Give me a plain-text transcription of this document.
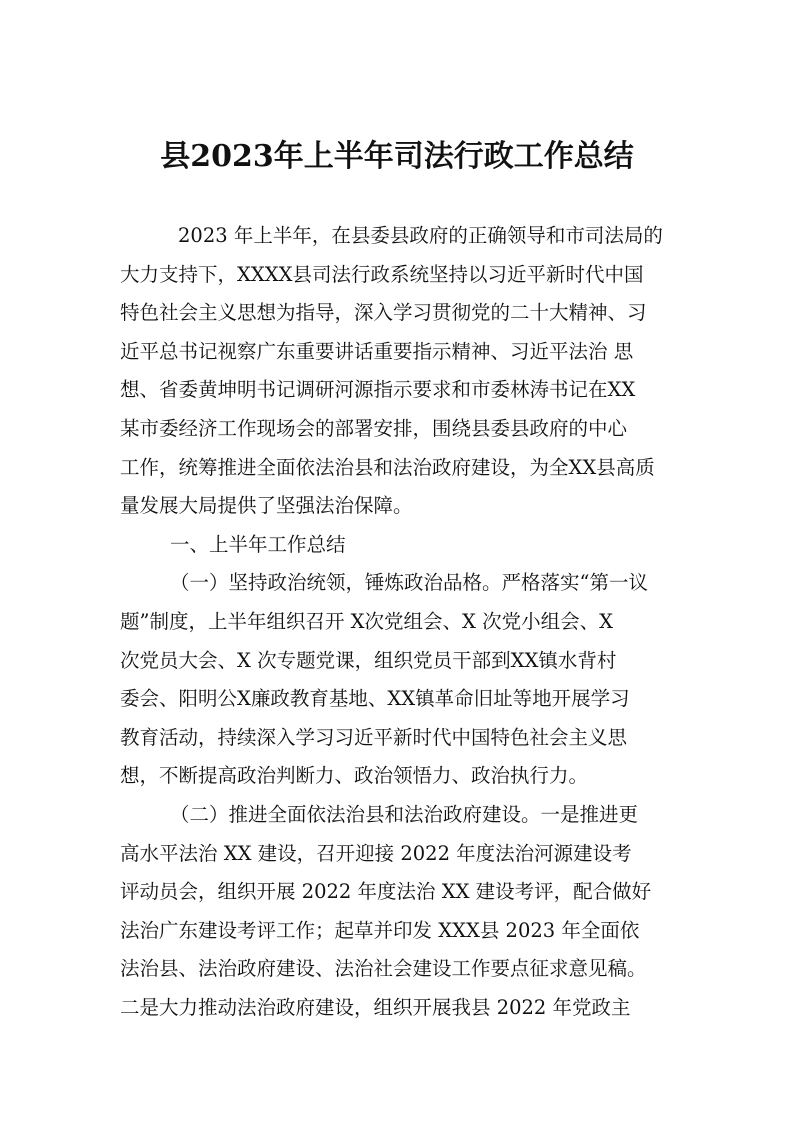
县2023年上半年司法行政工作总结
2023 年上半年，在县委县政府的正确领导和市司法局的
大力支持下，XXXX县司法行政系统坚持以习近平新时代中国
特色社会主义思想为指导，深入学习贯彻党的二十大精神、习
近平总书记视察广东重要讲话重要指示精神、习近平法治 思
想、省委黄坤明书记调研河源指示要求和市委林涛书记在XX
某市委经济工作现场会的部署安排，围绕县委县政府的中心
工作，统筹推进全面依法治县和法治政府建设，为全XX县高质
量发展大局提供了坚强法治保障。
一、上半年工作总结
（一）坚持政治统领，锤炼政治品格。严格落实“第一议
题”制度，上半年组织召开 X次党组会、X 次党小组会、X
次党员大会、X 次专题党课，组织党员干部到XX镇水背村
委会、阳明公X廉政教育基地、XX镇革命旧址等地开展学习
教育活动，持续深入学习习近平新时代中国特色社会主义思
想，不断提高政治判断力、政治领悟力、政治执行力。
（二）推进全面依法治县和法治政府建设。一是推进更
高水平法治 XX 建设，召开迎接 2022 年度法治河源建设考
评动员会，组织开展 2022 年度法治 XX 建设考评，配合做好
法治广东建设考评工作；起草并印发 XXX县 2023 年全面依
法治县、法治政府建设、法治社会建设工作要点征求意见稿。
二是大力推动法治政府建设，组织开展我县 2022 年党政主
